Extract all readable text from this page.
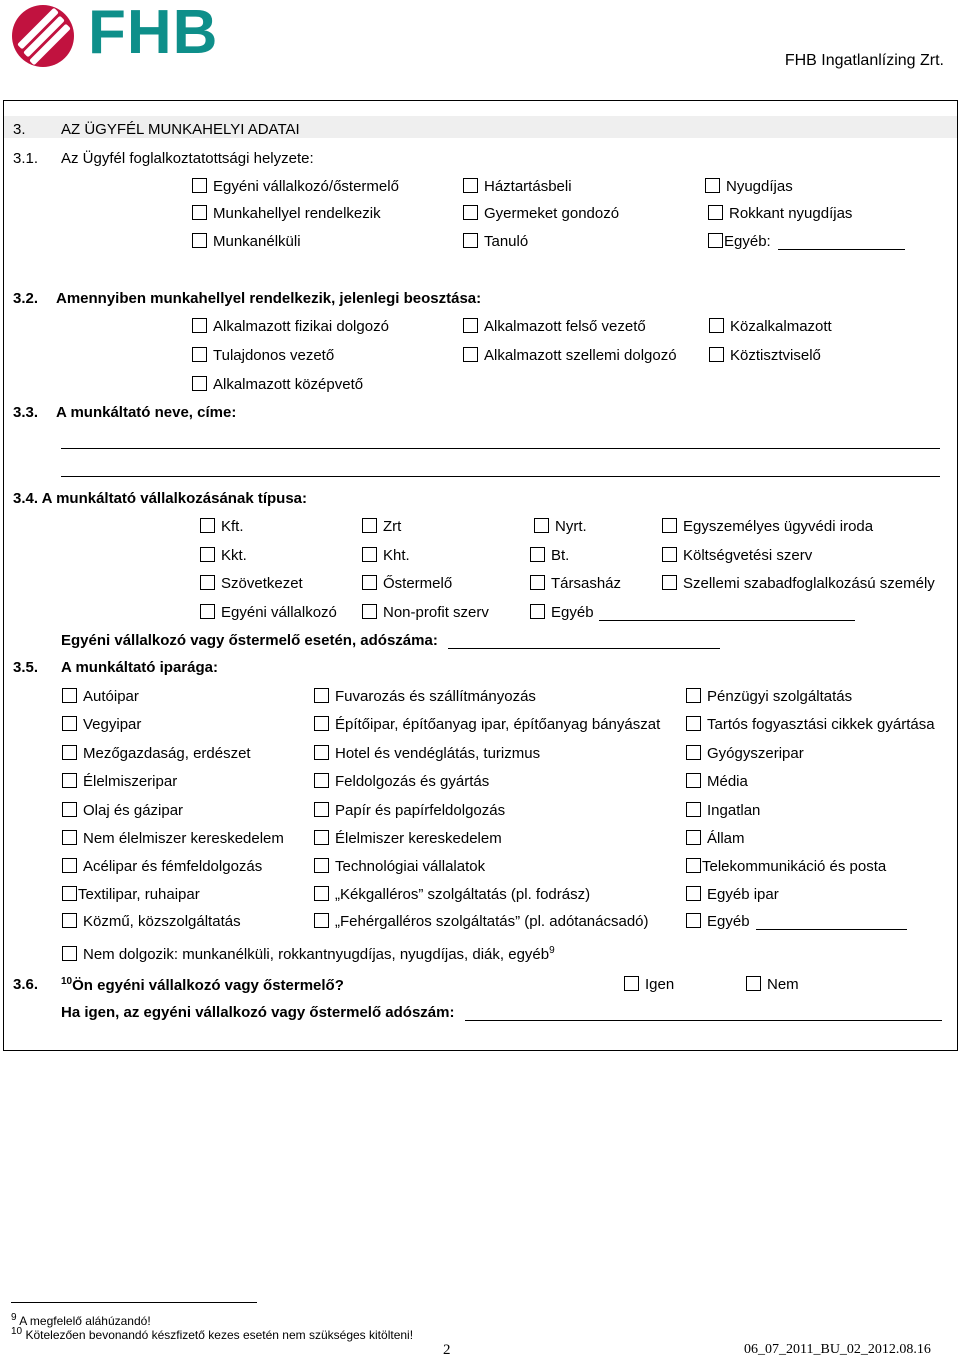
FHB	FHB Ingatlanlízing Zrt.
3. AZ ÜGYFÉL MUNKAHELYI ADATAI
3.1. Az Ügyfél foglalkoztatottsági helyzete:
Egyéni vállalkozó/őstermelő	Háztartásbeli	Nyugdíjas
Munkahellyel rendelkezik	Gyermeket gondozó	Rokkant nyugdíjas
Munkanélküli	Tanuló	Egyéb:
3.2. Amennyiben munkahellyel rendelkezik, jelenlegi beosztása:
Alkalmazott fizikai dolgozó	Alkalmazott felső vezető	Közalkalmazott
Tulajdonos vezető	Alkalmazott szellemi dolgozó	Köztisztviselő
Alkalmazott középvető
3.3. A munkáltató neve, címe:
3.4. A munkáltató vállalkozásának típusa:
Kft.	Zrt	Nyrt.	Egyszemélyes ügyvédi iroda
Kkt.	Kht.	Bt.	Költségvetési szerv
Szövetkezet	Őstermelő	Társasház	Szellemi szabadfoglalkozású személy
Egyéni vállalkozó	Non-profit szerv	Egyéb
Egyéni vállalkozó vagy őstermelő esetén, adószáma:
3.5. A munkáltató iparága:
Autóipar	Fuvarozás és szállítmányozás	Pénzügyi szolgáltatás
Vegyipar	Építőipar, építőanyag ipar, építőanyag bányászat	Tartós fogyasztási cikkek gyártása
Mezőgazdaság, erdészet	Hotel és vendéglátás, turizmus	Gyógyszeripar
Élelmiszeripar	Feldolgozás és gyártás	Média
Olaj és gázipar	Papír és papírfeldolgozás	Ingatlan
Nem élelmiszer kereskedelem	Élelmiszer kereskedelem	Állam
Acélipar és fémfeldolgozás	Technológiai vállalatok	Telekommunikáció és posta
Textilipar, ruhaipar	„Kékgalléros” szolgáltatás (pl. fodrász)	Egyéb ipar
Közmű, közszolgáltatás	„Fehérgalléros szolgáltatás” (pl. adótanácsadó)	Egyéb
Nem dolgozik: munkanélküli, rokkantnyugdíjas, nyugdíjas, diák, egyéb$^9$
3.6. $^{10}$Ön egyéni vállalkozó vagy őstermelő?	Igen	Nem
Ha igen, az egyéni vállalkozó vagy őstermelő adószám:
$^9$ A megfelelő aláhúzandó!
$^{10}$ Kötelezően bevonandó készfizető kezes esetén nem szükséges kitölteni!
2	06_07_2011_BU_02_2012.08.16
